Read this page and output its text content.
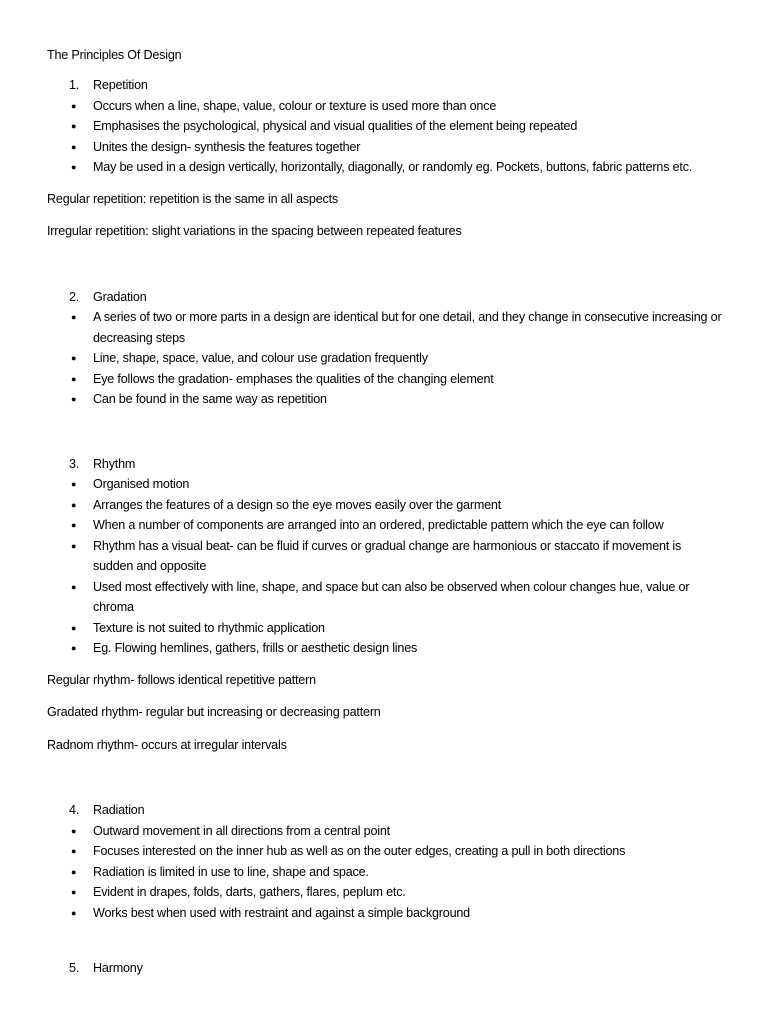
The Principles Of Design
1.	Repetition
●	Occurs when a line, shape, value, colour or texture is used more than once
●	Emphasises the psychological, physical and visual qualities of the element being repeated
●	Unites the design- synthesis the features together
●	May be used in a design vertically, horizontally, diagonally, or randomly eg. Pockets, buttons, fabric patterns etc.

Regular repetition: repetition is the same in all aspects

Irregular repetition: slight variations in the spacing between repeated features

2.	Gradation
●	A series of two or more parts in a design are identical but for one detail, and they change in consecutive increasing or decreasing steps
●	Line, shape, space, value, and colour use gradation frequently
●	Eye follows the gradation- emphases the qualities of the changing element
●	Can be found in the same way as repetition
3.	Rhythm
●	Organised motion
●	Arranges the features of a design so the eye moves easily over the garment
●	When a number of components are arranged into an ordered, predictable pattern which the eye can follow
●	Rhythm has a visual beat- can be fluid if curves or gradual change are harmonious or staccato if movement is sudden and opposite
●	Used most effectively with line, shape, and space but can also be observed when colour changes hue, value or chroma
●	Texture is not suited to rhythmic application
●	Eg. Flowing hemlines, gathers, frills or aesthetic design lines

Regular rhythm- follows identical repetitive pattern

Gradated rhythm- regular but increasing or decreasing pattern

Radnom rhythm- occurs at irregular intervals

4.	Radiation
●	Outward movement in all directions from a central point
●	Focuses interested on the inner hub as well as on the outer edges, creating a pull in both directions
●	Radiation is limited in use to line, shape and space.
●	Evident in drapes, folds, darts, gathers, flares, peplum etc.
●	Works best when used with restraint and against a simple background
5.	Harmony
